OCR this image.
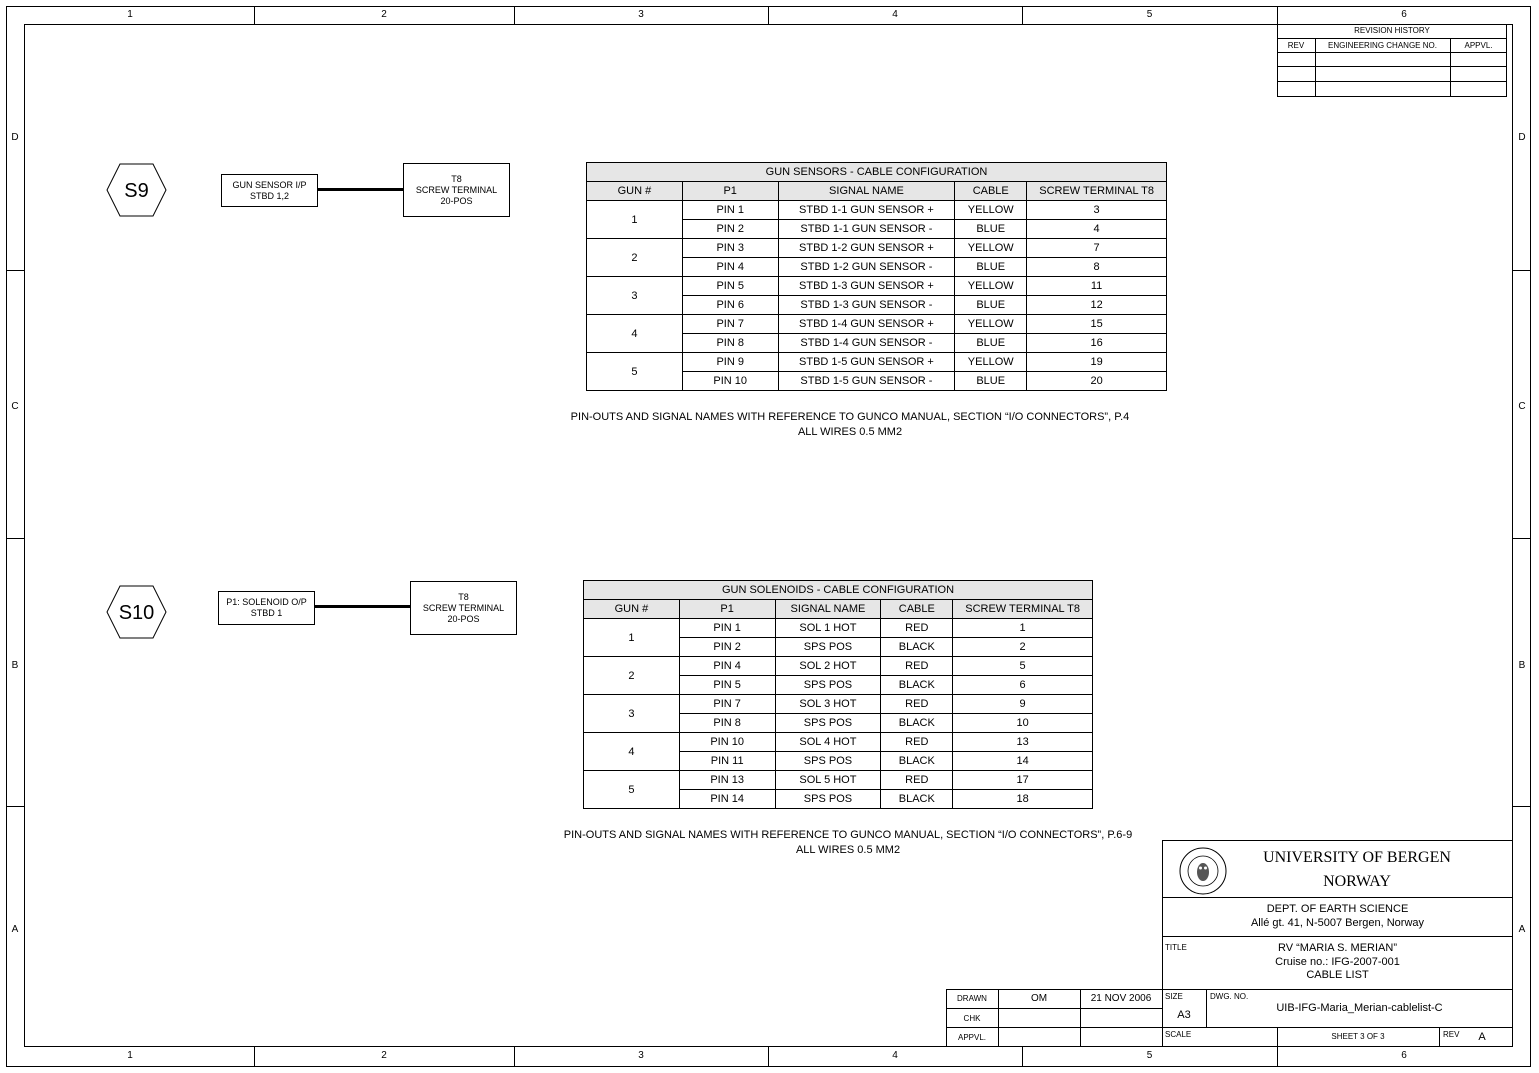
1
1
2
2
3
3
4
4
5
5
6
6
D	D
C	C
B	B
A	A
REVISION HISTORY
REV	ENGINEERING CHANGE NO.	APPVL.
S9	GUN SENSOR I/P
STBD 1,2
T8
SCREW TERMINAL
20-POS
GUN SENSORS - CABLE CONFIGURATION				
GUN #	P1	SIGNAL NAME	CABLE	SCREW TERMINAL T8
1	PIN 1	STBD 1-1 GUN SENSOR +	YELLOW	3
	PIN 2	STBD 1-1 GUN SENSOR -	BLUE	4
2	PIN 3	STBD 1-2 GUN SENSOR +	YELLOW	7
	PIN 4	STBD 1-2 GUN SENSOR -	BLUE	8
3	PIN 5	STBD 1-3 GUN SENSOR +	YELLOW	11
	PIN 6	STBD 1-3 GUN SENSOR -	BLUE	12
4	PIN 7	STBD 1-4 GUN SENSOR +	YELLOW	15
	PIN 8	STBD 1-4 GUN SENSOR -	BLUE	16
5	PIN 9	STBD 1-5 GUN SENSOR +	YELLOW	19
	PIN 10	STBD 1-5 GUN SENSOR -	BLUE	20
PIN-OUTS AND SIGNAL NAMES WITH REFERENCE TO GUNCO MANUAL, SECTION “I/O CONNECTORS”, P.4
ALL WIRES 0.5 MM2
S10	P1: SOLENOID O/P
STBD 1
T8
SCREW TERMINAL
20-POS
GUN SOLENOIDS - CABLE CONFIGURATION				
GUN #	P1	SIGNAL NAME	CABLE	SCREW TERMINAL T8
1	PIN 1	SOL 1 HOT	RED	1
	PIN 2	SPS POS	BLACK	2
2	PIN 4	SOL 2 HOT	RED	5
	PIN 5	SPS POS	BLACK	6
3	PIN 7	SOL 3 HOT	RED	9
	PIN 8	SPS POS	BLACK	10
4	PIN 10	SOL 4 HOT	RED	13
	PIN 11	SPS POS	BLACK	14
5	PIN 13	SOL 5 HOT	RED	17
	PIN 14	SPS POS	BLACK	18
PIN-OUTS AND SIGNAL NAMES WITH REFERENCE TO GUNCO MANUAL, SECTION “I/O CONNECTORS”, P.6-9
ALL WIRES 0.5 MM2	UNIVERSITY OF BERGEN
NORWAY
DEPT. OF EARTH SCIENCE
Allé gt. 41, N-5007 Bergen, Norway
TITLE	RV “MARIA S. MERIAN”
Cruise no.: IFG-2007-001
CABLE LIST
SIZE
A3
DWG. NO.
UIB-IFG-Maria_Merian-cablelist-C
SCALE	SHEET 3 OF 3	REV	A
DRAWN	OM	21 NOV 2006
CHK
APPVL.
